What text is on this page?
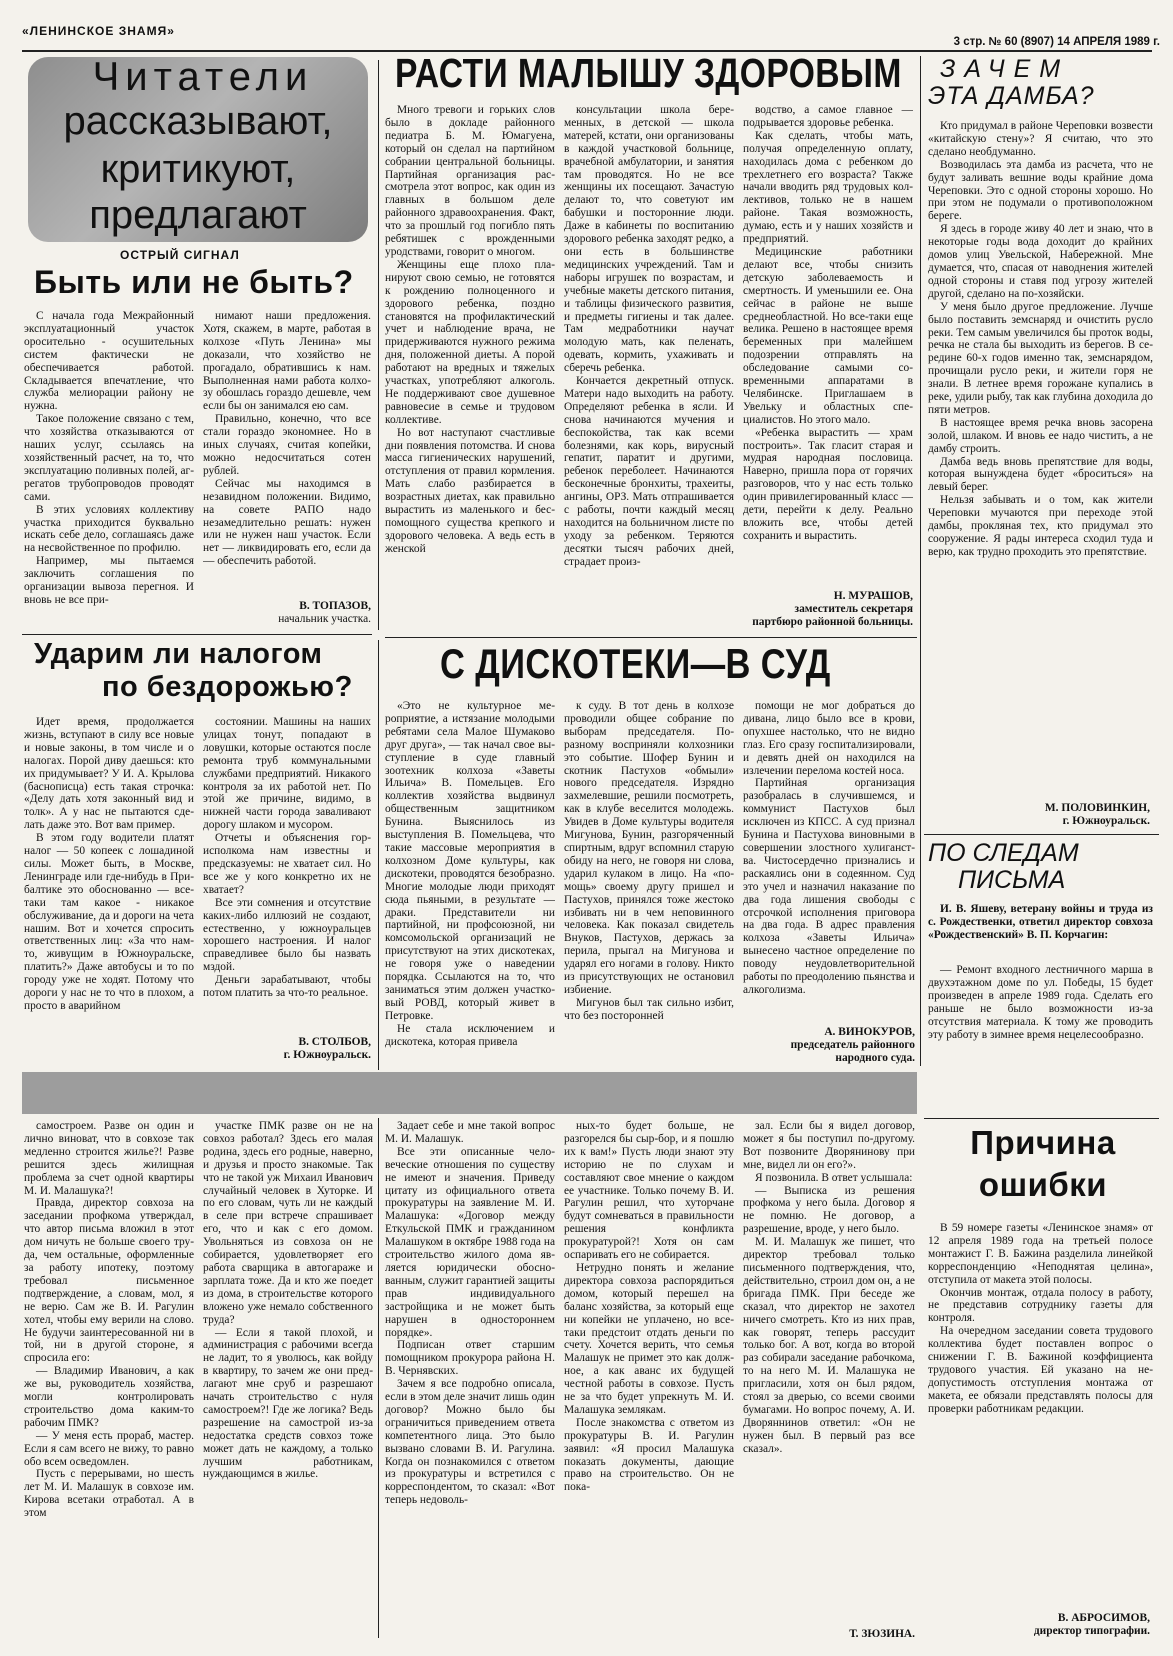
«ЛЕНИНСКОЕ ЗНАМЯ»
3 стр. № 60 (8907) 14 АПРЕЛЯ 1989 г.
Читатели
рассказывают,
критикуют,
предлагают
ОСТРЫЙ СИГНАЛ
Быть или не быть?

С начала года Межрайонный эксплуатационный участок оросительно - осушительных систем фактически не обеспечивается работой. Складывается впечатление, что служба мелиорации району не нужна.

Такое положение связано с тем, что хозяйства отказываются от наших услуг, ссылаясь на хозяйственный расчет, на то, что эксплуатацию поливных полей, агрегатов трубопроводов проводят сами.

В этих условиях коллективу участка приходится буквально искать себе дело, соглашаясь даже на несвойственное по профилю.

Например, мы пытаемся заключить соглашения по организации вывоза перегноя. И вновь не все при-

нимают наши предложения. Хотя, скажем, в марте, работая в колхозе «Путь Ленина» мы доказали, что хозяйство не прогадало, обратившись к нам. Выполненная нами работа колхозу обошлась гораздо дешевле, чем если бы он занимался ею сам.

Правильно, конечно, что все стали гораздо экономнее. Но в иных случаях, считая копейки, можно недосчитаться сотен рублей.

Сейчас мы находимся в незавидном положении. Видимо, на совете РАПО надо незамедлительно решать: нужен или не нужен наш участок. Если нет — ликвидировать его, если да — обеспечить работой.

В. ТОПАЗОВ,
начальник участка.
РАСТИ МАЛЫШУ ЗДОРОВЫМ

Много тревоги и горьких слов было в докладе районного педиатра Б. М. Юмагуена, который он сделал на партийном собрании центральной больницы. Партийная организация рассмотрела этот вопрос, как один из главных в большом деле районного здравоохранения. Факт, что за прошлый год погибло пять ребятишек с врожденными уродствами, говорит о многом.

Женщины еще плохо планируют свою семью, не готовятся к рождению полноценного и здорового ребенка, поздно становятся на профилактический учет и наблюдение врача, не придерживаются нужного режима дня, положенной диеты. А порой работают на вредных и тяжелых участках, употребляют алкоголь. Не поддерживают свое душевное равновесие в семье и трудовом коллективе.

Но вот наступают счастливые дни появления потомства. И снова масса гигиенических нарушений, отступления от правил кормления. Мать слабо разбирается в возрастных диетах, как правильно вырастить из маленького и беспомощного существа крепкого и здорового человека. А ведь есть в женской

консультации школа беременных, в детской — школа матерей, кстати, они организованы в каждой участковой больнице, врачебной амбулатории, и занятия там проводятся. Но не все женщины их посещают. Зачастую делают то, что советуют им бабушки и посторонние люди. Даже в кабинеты по воспитанию здорового ребенка заходят редко, а они есть в большинстве медицинских учреждений. Там и наборы игрушек по возрастам, и учебные макеты детского питания, и таблицы физического развития, и предметы гигиены и так далее. Там медработники научат молодую мать, как пеленать, одевать, кормить, ухаживать и сберечь ребенка.

Кончается декретный отпуск. Матери надо выходить на работу. Определяют ребенка в ясли. И снова начинаются мучения и беспокойства, так как всеми болезнями, как корь, вирусный гепатит, паратит и другими, ребенок переболеет. Начинаются бесконечные бронхиты, трахеиты, ангины, ОРЗ. Мать отпрашивается с работы, почти каждый месяц находится на больничном листе по уходу за ребенком. Теряются десятки тысяч рабочих дней, страдает произ-

водство, а самое главное — подрывается здоровье ребенка.

Как сделать, чтобы мать, получая определенную оплату, находилась дома с ребенком до трехлетнего его возраста? Также начали вводить ряд трудовых коллективов, только не в нашем районе. Такая возможность, думаю, есть и у наших хозяйств и предприятий.

Медицинские работники делают все, чтобы снизить детскую заболеваемость и смертность. И уменьшили ее. Она сейчас в районе не выше среднеобластной. Но все-таки еще велика. Решено в настоящее время беременных при малейшем подозрении отправлять на обследование самыми современными аппаратами в Челябинске. Приглашаем в Увельку и областных специалистов. Но этого мало.

«Ребенка вырастить — храм построить». Так гласит старая и мудрая народная пословица. Наверно, пришла пора от горячих разговоров, что у нас есть только один привилегированный класс — дети, перейти к делу. Реально вложить все, чтобы детей сохранить и вырастить.

Н. МУРАШОВ,
заместитель секретаря партбюро районной больницы.
ЗАЧЕМ
ЭТА ДАМБА?

Кто придумал в районе Череповки возвести «китайскую стену»? Я считаю, что это сделано необдуманно.

Возводилась эта дамба из расчета, что не будут заливать вешние воды крайние дома Череповки. Это с одной стороны хорошо. Но при этом не подумали о противоположном береге.

Я здесь в городе живу 40 лет и знаю, что в некоторые годы вода доходит до крайних домов улиц Увельской, Набережной. Мне думается, что, спасая от наводнения жителей одной стороны и ставя под угрозу жителей другой, сделано на по-хозяйски.

У меня было другое предложение. Лучше было поставить земснаряд и очистить русло реки. Тем самым увеличился бы проток воды, речка не стала бы выходить из берегов. В середине 60-х годов именно так, земснарядом, прочищали русло реки, и жители горя не знали. В летнее время горожане купались в реке, удили рыбу, так как глубина доходила до пяти метров.

В настоящее время речка вновь засорена золой, шлаком. И вновь ее надо чистить, а не дамбу строить.

Дамба ведь вновь препятствие для воды, которая вынуждена будет «броситься» на левый берег.

Нельзя забывать и о том, как жители Череповки мучаются при переходе этой дамбы, прокляная тех, кто придумал это сооружение. Я рады интереса сходил туда и верю, как трудно проходить это препятствие.

М. ПОЛОВИНКИН,
г. Южноуральск.
ПО СЛЕДАМ
ПИСЬМА
И. В. Яшеву, ветерану войны и труда из с. Рождественки, ответил директор совхоза «Рождественский» В. П. Корчагин:
— Ремонт входного лестничного марша в двухэтажном доме по ул. Победы, 15 будет произведен в апреле 1989 года. Сделать его раньше не было возможности из-за отсутствия материала. К тому же проводить эту работу в зимнее время нецелесообразно.
Ударим ли налогом
по бездорожью?

Идет время, продолжается жизнь, вступают в силу все новые и новые законы, в том числе и о налогах. Порой диву даешься: кто их придумывает? У И. А. Крылова (баснописца) есть такая строчка: «Делу дать хотя законный вид и толк». А у нас не пытаются сделать даже это. Вот вам пример.

В этом году водители платят налог — 50 копеек с лошадиной силы. Может быть, в Москве, Ленинграде или где-нибудь в Прибалтике это обоснованно — все-таки там какое - никакое обслуживание, да и дороги на чета нашим. Вот и хочется спросить ответственных лиц: «За что нам-то, живущим в Южноуральске, платить?» Даже автобусы и то по городу уже не ходят. Потому что дороги у нас не то что в плохом, а просто в аварийном

состоянии. Машины на наших улицах тонут, попадают в ловушки, которые остаются после ремонта труб коммунальными службами предприятий. Никакого контроля за их работой нет. По этой же причине, видимо, в нижней части города заваливают дорогу шлаком и мусором.

Отчеты и объяснения горисполкома нам известны и предсказуемы: не хватает сил. Но все же у кого конкретно их не хватает?

Все эти сомнения и отсутствие каких-либо иллюзий не создают, естественно, у южноуральцев хорошего настроения. И налог справедливее было бы назвать мздой.

Деньги зарабатывают, чтобы потом платить за что-то реальное.

В. СТОЛБОВ,
г. Южноуральск.
С ДИСКОТЕКИ—В СУД

«Это не культурное мероприятие, а истязание молодыми ребятами села Малое Шумаково друг друга», — так начал свое выступление в суде главный зоотехник колхоза «Заветы Ильича» В. Помельцев. Его коллектив хозяйства выдвинул общественным защитником Бунина. Выяснилось из выступления В. Помельцева, что такие массовые мероприятия в колхозном Доме культуры, как дискотеки, проводятся безобразно. Многие молодые люди приходят сюда пьяными, в результате — драки. Представители ни партийной, ни профсоюзной, ни комсомольской организаций не присутствуют на этих дискотеках, не говоря уже о наведении порядка. Ссылаются на то, что заниматься этим должен участковый РОВД, который живет в Петровке.

Не стала исключением и дискотека, которая привела

к суду. В тот день в колхозе проводили общее собрание по выборам председателя. По-разному восприняли колхозники это событие. Шофер Бунин и скотник Пастухов «обмыли» нового председателя. Изрядно захмелевшие, решили посмотреть, как в клубе веселится молодежь. Увидев в Доме культуры водителя Мигунова, Бунин, разгоряченный спиртным, вдруг вспомнил старую обиду на него, не говоря ни слова, ударил кулаком в лицо. На «помощь» своему другу пришел и Пастухов, принялся тоже жестоко избивать ни в чем неповинного человека. Как показал свидетель Внуков, Пастухов, держась за перила, прыгал на Мигунова и ударял его ногами в голову. Никто из присутствующих не остановил избиение.

Мигунов был так сильно избит, что без посторонней

помощи не мог добраться до дивана, лицо было все в крови, опухшее настолько, что не видно глаз. Его сразу госпитализировали, и девять дней он находился на излечении перелома костей носа.

Партийная организация разобралась в случившемся, и коммунист Пастухов был исключен из КПСС. А суд признал Бунина и Пастухова виновными в совершении злостного хулиганства. Чистосердечно признались и раскаялись они в содеянном. Суд это учел и назначил наказание по два года лишения свободы с отсрочкой исполнения приговора на два года. В адрес правления колхоза «Заветы Ильича» вынесено частное определение по поводу неудовлетворительной работы по преодолению пьянства и алкоголизма.

А. ВИНОКУРОВ,
председатель районного народного суда.

самостроем. Разве он один и лично виноват, что в совхозе так медленно строится жилье?! Разве решится здесь жилищная проблема за счет одной квартиры М. И. Малашука?!

Правда, директор совхоза на заседании профкома утверждал, что автор письма вложил в этот дом ничуть не больше своего труда, чем остальные, оформленные за работу ипотеку, поэтому требовал письменное подтверждение, а словам, мол, я не верю. Сам же В. И. Рагулин хотел, чтобы ему верили на слово. Не будучи заинтересованной ни в той, ни в другой стороне, я спросила его:

— Владимир Иванович, а как же вы, руководитель хозяйства, могли контролировать строительство дома каким-то рабочим ПМК?

— У меня есть прораб, мастер. Если я сам всего не вижу, то равно обо всем осведомлен.

Пусть с перерывами, но шесть лет М. И. Малашук в совхозе им. Кирова всетаки отработал. А в этом

участке ПМК разве он не на совхоз работал? Здесь его малая родина, здесь его родные, наверно, и друзья и просто знакомые. Так что не такой уж Михаил Иванович случайный человек в Хуторке. И по его словам, чуть ли не каждый в селе при встрече спрашивает его, что и как с его домом. Увольняться из совхоза он не собирается, удовлетворяет его работа сварщика в автогараже и зарплата тоже. Да и кто же поедет из дома, в строительстве которого вложено уже немало собственного труда?

— Если я такой плохой, и администрация с рабочими всегда не ладит, то я уволюсь, как войду в квартиру, то зачем же они предлагают мне сруб и разрешают начать строительство с нуля самостроем?! Где же логика? Ведь разрешение на самострой из-за недостатка средств совхоз тоже может дать не каждому, а только лучшим работникам, нуждающимся в жилье.

Задает себе и мне такой вопрос М. И. Малашук.

Все эти описанные человеческие отношения по существу не имеют и значения. Приведу цитату из официального ответа прокуратуры на заявление М. И. Малашука: «Договор между Еткульской ПМК и гражданином Малашуком в октябре 1988 года на строительство жилого дома является юридически обоснованным, служит гарантией защиты прав индивидуального застройщика и не может быть нарушен в одностороннем порядке».

Подписан ответ старшим помощником прокурора района Н. В. Чернявских.

Зачем я все подробно описала, если в этом деле значит лишь один договор? Можно было бы ограничиться приведением ответа компетентного лица. Это было вызвано словами В. И. Рагулина. Когда он познакомился с ответом из прокуратуры и встретился с корреспондентом, то сказал: «Вот теперь недоволь-

ных-то будет больше, не разгорелся бы сыр-бор, и я пошлю их к вам!» Пусть люди знают эту историю не по слухам и составляют свое мнение о каждом ее участнике. Только почему В. И. Рагулин решил, что хуторчане будут сомневаться в правильности решения конфликта прокуратурой?! Хотя он сам оспаривать его не собирается.

Нетрудно понять и желание директора совхоза распорядиться домом, который перешел на баланс хозяйства, за который еще ни копейки не уплачено, но все-таки предстоит отдать деньги по счету. Хочется верить, что семья Малашук не примет это как должное, а как аванс их будущей честной работы в совхозе. Пусть не за что будет упрекнуть М. И. Малашука землякам.

После знакомства с ответом из прокуратуры В. И. Рагулин заявил: «Я просил Малашука показать документы, дающие право на строительство. Он не пока-

зал. Если бы я видел договор, может я бы поступил по-другому. Вот позвоните Дворянинову при мне, видел ли он его?».

Я позвонила. В ответ услышала:

— Выписка из решения профкома у него была. Договор я не помню. Не договор, а разрешение, вроде, у него было.

М. И. Малашук же пишет, что директор требовал только письменного подтверждения, что, действительно, строил дом он, а не бригада ПМК. При беседе же сказал, что директор не захотел ничего смотреть. Кто из них прав, как говорят, теперь рассудит только бог. А вот, когда во второй раз собирали заседание рабочкома, то на него М. И. Малашука не пригласили, хотя он был рядом, стоял за дверью, со всеми своими бумагами. Но вопрос почему, А. И. Дворяннинов ответил: «Он не нужен был. В первый раз все сказал».

Т. ЗЮЗИНА.
Причина
ошибки

В 59 номере газеты «Ленинское знамя» от 12 апреля 1989 года на третьей полосе монтажист Г. В. Бажина разделила линейкой корреспонденцию «Неподнятая целина», отступила от макета этой полосы.

Окончив монтаж, отдала полосу в работу, не представив сотруднику газеты для контроля.

На очередном заседании совета трудового коллектива будет поставлен вопрос о снижении Г. В. Бажиной коэффициента трудового участия. Ей указано на недопустимость отступления монтажа от макета, ее обязали представлять полосы для проверки работникам редакции.

В. АБРОСИМОВ,
директор типографии.
